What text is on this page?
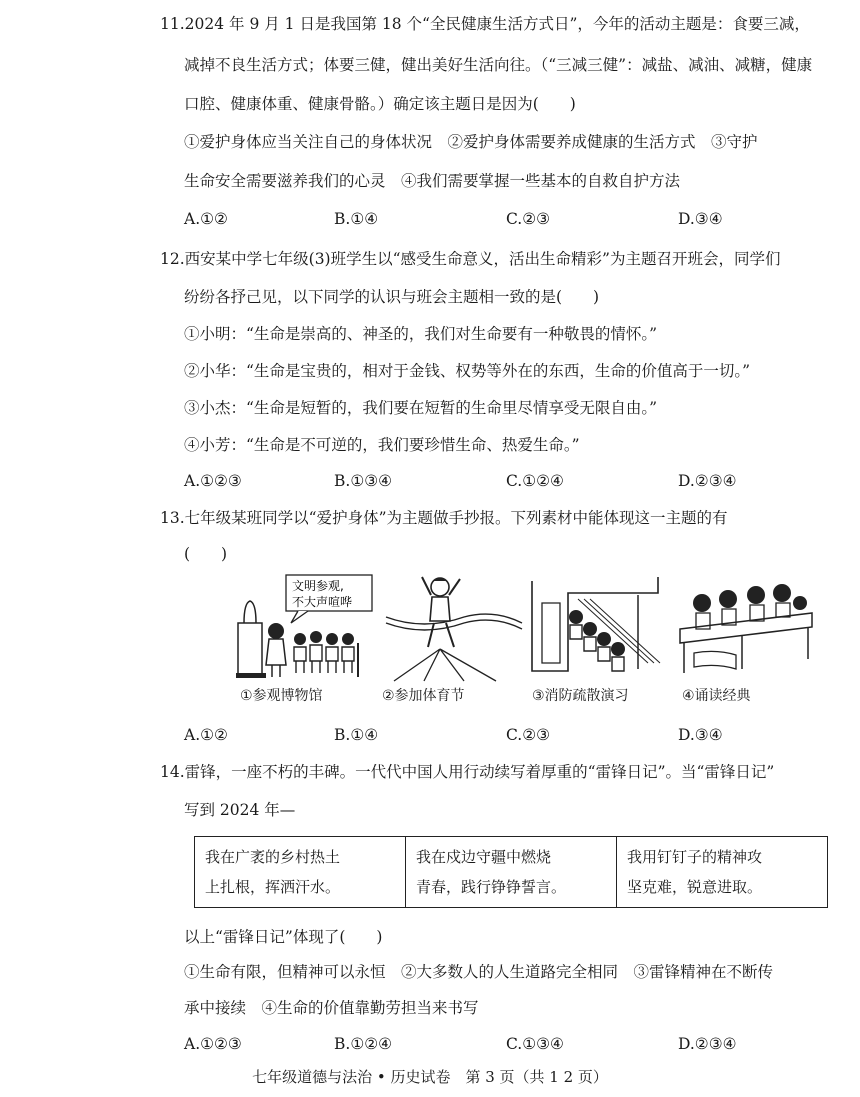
11.2024 年 9 月 1 日是我国第 18 个“全民健康生活方式日”，今年的活动主题是：食要三减，
减掉不良生活方式；体要三健，健出美好生活向往。（“三减三健”：减盐、减油、减糖，健康
口腔、健康体重、健康骨骼。）确定该主题日是因为(　　)
①爱护身体应当关注自己的身体状况　②爱护身体需要养成健康的生活方式　③守护
生命安全需要滋养我们的心灵　④我们需要掌握一些基本的自救自护方法
A.①②	B.①④	C.②③	D.③④
12.西安某中学七年级(3)班学生以“感受生命意义，活出生命精彩”为主题召开班会，同学们
纷纷各抒己见，以下同学的认识与班会主题相一致的是(　　)
①小明：“生命是崇高的、神圣的，我们对生命要有一种敬畏的情怀。”
②小华：“生命是宝贵的，相对于金钱、权势等外在的东西，生命的价值高于一切。”
③小杰：“生命是短暂的，我们要在短暂的生命里尽情享受无限自由。”
④小芳：“生命是不可逆的，我们要珍惜生命、热爱生命。”
A.①②③	B.①③④	C.①②④	D.②③④
13.七年级某班同学以“爱护身体”为主题做手抄报。下列素材中能体现这一主题的有
(　　)
文明参观,
不大声喧哗
①参观博物馆	②参加体育节	③消防疏散演习	④诵读经典
A.①②	B.①④	C.②③	D.③④
14.雷锋，一座不朽的丰碑。一代代中国人用行动续写着厚重的“雷锋日记”。当“雷锋日记”
写到 2024 年—
我在广袤的乡村热土
上扎根，挥洒汗水。

我在戍边守疆中燃烧
青春，践行铮铮誓言。

我用钉钉子的精神攻
坚克难，锐意进取。
以上“雷锋日记”体现了(　　)
①生命有限，但精神可以永恒　②大多数人的人生道路完全相同　③雷锋精神在不断传
承中接续　④生命的价值靠勤劳担当来书写
A.①②③	B.①②④	C.①③④	D.②③④
七年级道德与法治 • 历史试卷　第 3 页（共 1 2 页）
